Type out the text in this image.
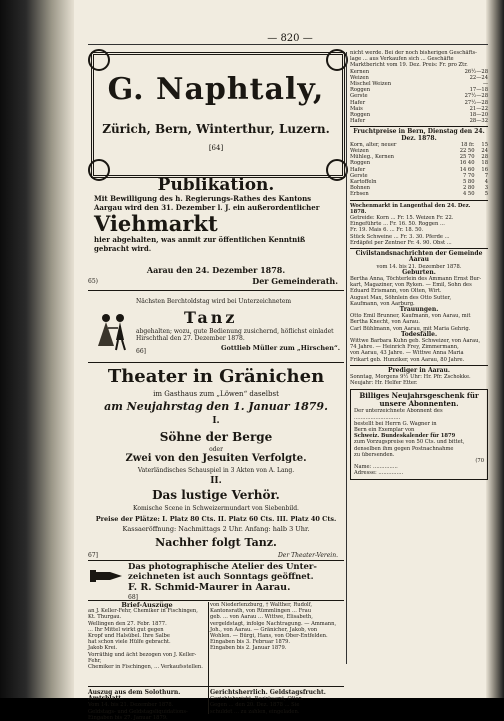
— 820 —
G. Naphtaly,
Zürich, Bern, Winterthur, Luzern.
[64]
Publikation.
Mit Bewilligung des h. Regierungs-Rathes des Kantons
Aargau wird den 31. Dezember l. J. ein außerordentlicher
Viehmarkt
hier abgehalten, was anmit zur öffentlichen Kenntniß
gebracht wird.
Aarau den 24. Dezember 1878.
65)	Der Gemeinderath.
Nächsten Berchtoldstag wird bei Unterzeichnetem
Tanz
abgehalten; wozu, gute Bedienung zusichernd, höflichst einladet
Hirschthal den 27. Dezember 1878.
66]	Gottlieb Müller zum „Hirschen“.
Theater in Gränichen
im Gasthaus zum „Löwen“ daselbst
am Neujahrstag den 1. Januar 1879.
I.
Söhne der Berge
oder
Zwei von den Jesuiten Verfolgte.
Vaterländisches Schauspiel in 3 Akten von A. Lang.
II.
Das lustige Verhör.
Komische Scene in Schweizermundart von Siebenbild.
Preise der Plätze: I. Platz 80 Cts. II. Platz 60 Cts. III. Platz 40 Cts.
Kassaeröffnung: Nachmittags 2 Uhr. Anfang: halb 3 Uhr.
Nachher folgt Tanz.
67]	Der Theater-Verein.
Das photographische Atelier des Unter-zeichneten ist auch Sonntags geöffnet.
68]
F. R. Schmid-Maurer in Aarau.
Brief-Auszüge
an J. Keller-Fehr, Chemiker in Fischingen,
Kt. Thurgau.
Wellingen den 27. Febr. 1877.
... Ihr Mittel wirkt gut gegen
Kropf und Halsübel. Ihre Salbe
hat schon viele Hülfe gebracht.
Jakob Krei.
Vorräthig und ächt bezogen von J. Keller-Fehr,
Chemiker in Fischingen, ... Verkaufsstellen.
von Niederlenzburg, † Walther, Rudolf,
Kantonsrath, von Rümmlingen ... Frau
geb. ... von Aarau ... Wittwe, Elisabeth,
vergeldstagt, infolge Nachtragung. — Ammann,
Joh., von Aarau. — Gränicher, Jakob, von
Wohlen. — Bürgi, Hans, von Ober-Entfelden.
Eingaben bis 3. Februar 1879.
Eingaben bis 2. Januar 1879.
Auszug aus dem Solothurn. Amtsblatt.
Vom 14. bis 21. Dezember 1878.
Geldstags- und Geldstagsliquidations-
Eingaben bis 27. Januar 1879.
Gerichtsherrlich. Geldstagsfrucht.
Gerichtsbericht, Bezirksamt, Olten.
Gegen ... den 20. Dez. 1878 ... Sie
schuldet ... zu zahlen, eingeladen.
nicht werde. Bei der noch bisherigen Geschäfts-
lage ... aus Verkaufen sich ... Geschäfte
Marktbericht vom 19. Dez. Preis: Fr. pro Ztr.
Kernen	26½—28
Weizen	22—24
Mischel Weizen	—
Roggen	17—18
Gerste	27½—28
Hafer	27½—28
Mais	21—22
Roggen	18—20
Hafer	28—32
Fruchtpreise in Bern, Dienstag den 24. Dez. 1878.
Korn, alter, neuer	18 fr.	15
Weizen	22 50	24
Mühleg., Kernen	25 70	28
Roggen	16 40	18
Hafer	14 60	16
Gerste	7 70	7
Kartoffeln	5 80	4
Bohnen	2 80	3
Erbsen	4 50	5
Wochenmarkt in Langenthal den 24. Dez. 1878.
Getreide: Korn ... Fr. 15. Weizen Fr. 22.
Eingeführte ... Fr. 16. 50. Roggen ...
Fr. 19. Mais 6. ... Fr. 18. 50.
Stück Schweine ... Fr. 3. 30. Pferde ...
Erdäpfel per Zentner Fr. 4. 90. Obst ...
Civilstandsnachrichten der Gemeinde Aarau
vom 14. bis 21. Dezember 1878.
Geburten.
Bertha Anna, Töchterlein des Ammann Ernst Bur-
kart, Magaziner, von Ryken. — Emil, Sohn des
Eduard Erismann, von Olten, Wirt.
August Max, Söhnlein des Otto Sutter,
Kaufmann, von Aarburg.
Trauungen.
Otto Emil Brunner, Kaufmann, von Aarau, mit
Bertha Knecht, von Aarau.
Carl Bühlmann, von Aarau, mit Maria Gehrig.
Todesfälle.
Wittwe Barbara Kuhn geb. Schweizer, von Aarau,
74 Jahre. — Heinrich Frey, Zimmermann,
von Aarau, 43 Jahre. — Wittwe Anna Maria
Frikart geb. Hunziker, von Aarau, 80 Jahre.
Prediger in Aarau.
Sonntag, Morgens 9½ Uhr: Hr. Pfr. Zschokke.
Neujahr: Hr. Helfer Etter.
Billiges Neujahrsgeschenk für unsere Abonnenten.
Der unterzeichnete Abonnent des
............................
bestellt bei Herrn G. Wagner in
Bern ein Exemplar von
Schweiz. Bundeskalender für 1879
zum Vorzugspreise von 50 Cts. und bittet,
denselben ihm gegen Postnachnahme
zu übersenden.
(70
Name: ...............
Adresse: ...............
